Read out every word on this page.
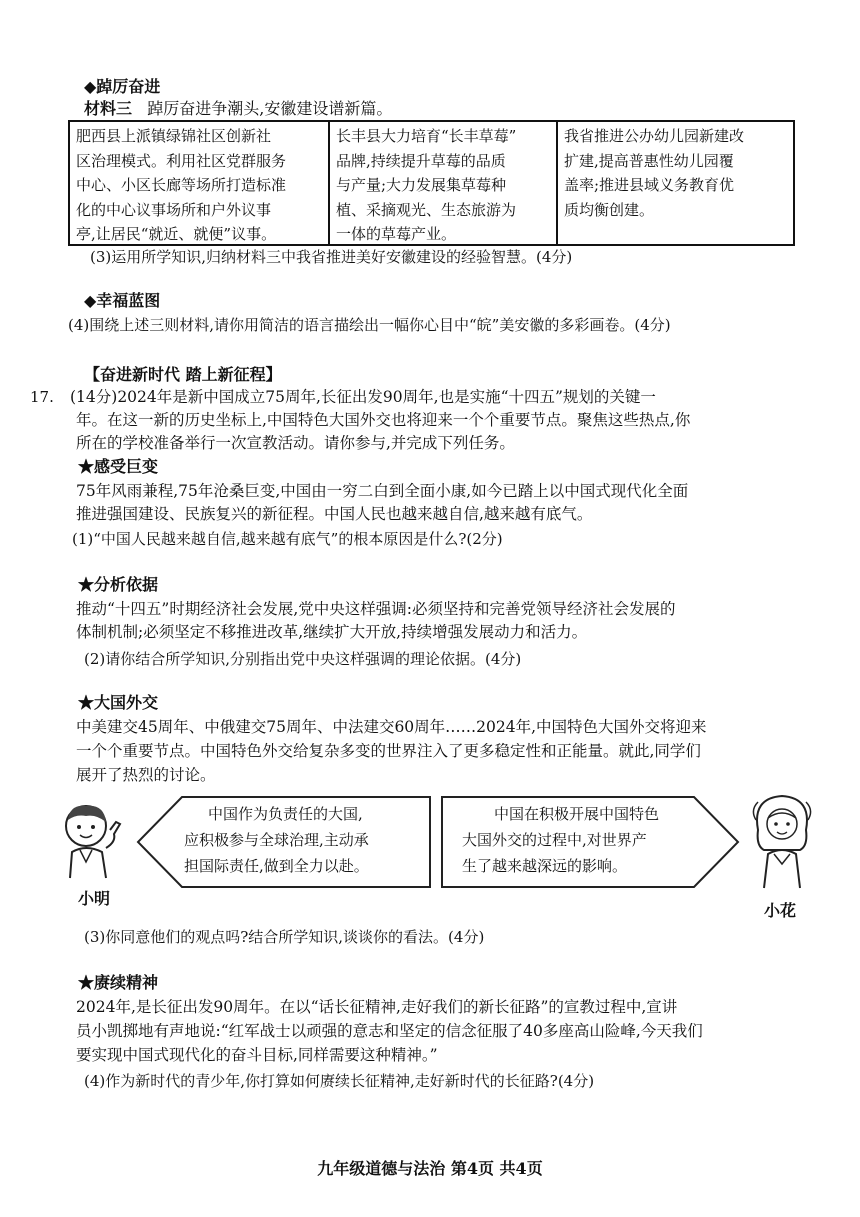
◆踔厉奋进
材料三 踔厉奋进争潮头,安徽建设谱新篇。
肥西县上派镇绿锦社区创新社
区治理模式。利用社区党群服务
中心、小区长廊等场所打造标准
化的中心议事场所和户外议事
亭,让居民“就近、就便”议事。
长丰县大力培育“长丰草莓”
品牌,持续提升草莓的品质
与产量;大力发展集草莓种
植、采摘观光、生态旅游为
一体的草莓产业。
我省推进公办幼儿园新建改
扩建,提高普惠性幼儿园覆
盖率;推进县域义务教育优
质均衡创建。
(3)运用所学知识,归纳材料三中我省推进美好安徽建设的经验智慧。(4分)
◆幸福蓝图
(4)围绕上述三则材料,请你用简洁的语言描绘出一幅你心目中“皖”美安徽的多彩画卷。(4分)
【奋进新时代 踏上新征程】
17. (14分)2024年是新中国成立75周年,长征出发90周年,也是实施“十四五”规划的关键一
年。在这一新的历史坐标上,中国特色大国外交也将迎来一个个重要节点。聚焦这些热点,你
所在的学校准备举行一次宣教活动。请你参与,并完成下列任务。
★感受巨变
75年风雨兼程,75年沧桑巨变,中国由一穷二白到全面小康,如今已踏上以中国式现代化全面
推进强国建设、民族复兴的新征程。中国人民也越来越自信,越来越有底气。
(1)“中国人民越来越自信,越来越有底气”的根本原因是什么?(2分)
★分析依据
推动“十四五”时期经济社会发展,党中央这样强调:必须坚持和完善党领导经济社会发展的
体制机制;必须坚定不移推进改革,继续扩大开放,持续增强发展动力和活力。
(2)请你结合所学知识,分别指出党中央这样强调的理论依据。(4分)
★大国外交
中美建交45周年、中俄建交75周年、中法建交60周年……2024年,中国特色大国外交将迎来
一个个重要节点。中国特色外交给复杂多变的世界注入了更多稳定性和正能量。就此,同学们
展开了热烈的讨论。
小明
中国作为负责任的大国,
应积极参与全球治理,主动承
担国际责任,做到全力以赴。
中国在积极开展中国特色
大国外交的过程中,对世界产
生了越来越深远的影响。
小花
(3)你同意他们的观点吗?结合所学知识,谈谈你的看法。(4分)
★赓续精神
2024年,是长征出发90周年。在以“话长征精神,走好我们的新长征路”的宣教过程中,宣讲
员小凯掷地有声地说:“红军战士以顽强的意志和坚定的信念征服了40多座高山险峰,今天我们
要实现中国式现代化的奋斗目标,同样需要这种精神。”
(4)作为新时代的青少年,你打算如何赓续长征精神,走好新时代的长征路?(4分)
九年级道德与法治 第4页 共4页
